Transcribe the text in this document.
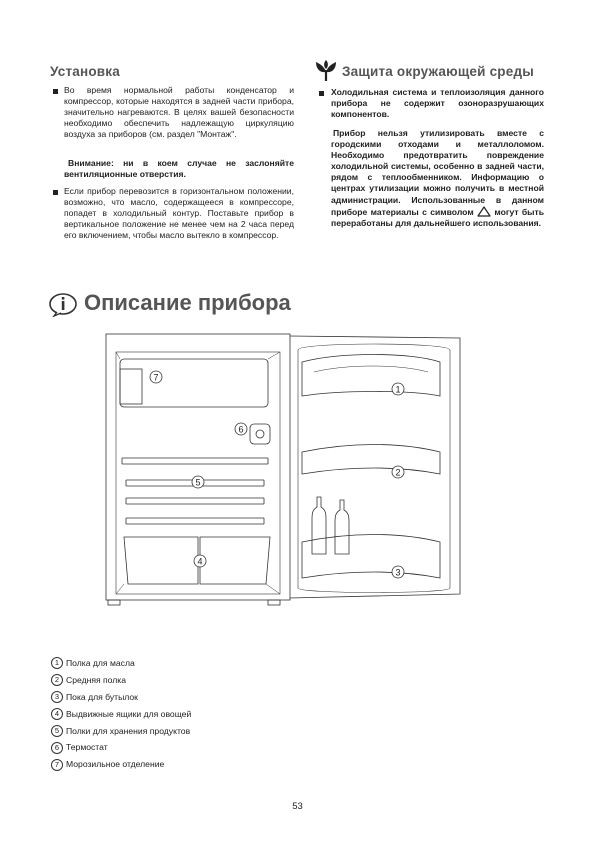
Установка
Во время нормальной работы конденсатор и компрессор, которые находятся в задней части прибора, значительно нагреваются. В целях вашей безопасности необходимо обеспечить надлежащую циркуляцию воздуха за приборов (см. раздел "Монтаж".
Внимание: ни в коем случае не заслоняйте вентиляционные отверстия.
Если прибор перевозится в горизонтальном положении, возможно, что масло, содержащееся в компрессоре, попадет в холодильный контур. Поставьте прибор в вертикальное положение не менее чем на 2 часа перед его включением, чтобы масло вытекло в компрессор.
Защита окружающей среды
Холодильная система и теплоизоляция данного прибора не содержит озоноразрушающих компонентов.
Прибор нельзя утилизировать вместе с городскими отходами и металлоломом. Необходимо предотвратить повреждение холодильной системы, особенно в задней части, рядом с теплообменником. Информацию о центрах утилизации можно получить в местной администрации. Использованные в данном приборе материалы с символом могут быть переработаны для дальнейшего использования.
Описание прибора
7
6
5
4
1
2
3
1 Полка для масла
2 Средняя полка
3 Пока для бутылок
4 Выдвижные ящики для овощей
5 Полки для хранения продуктов
6 Термостат
7 Морозильное отделение
53
